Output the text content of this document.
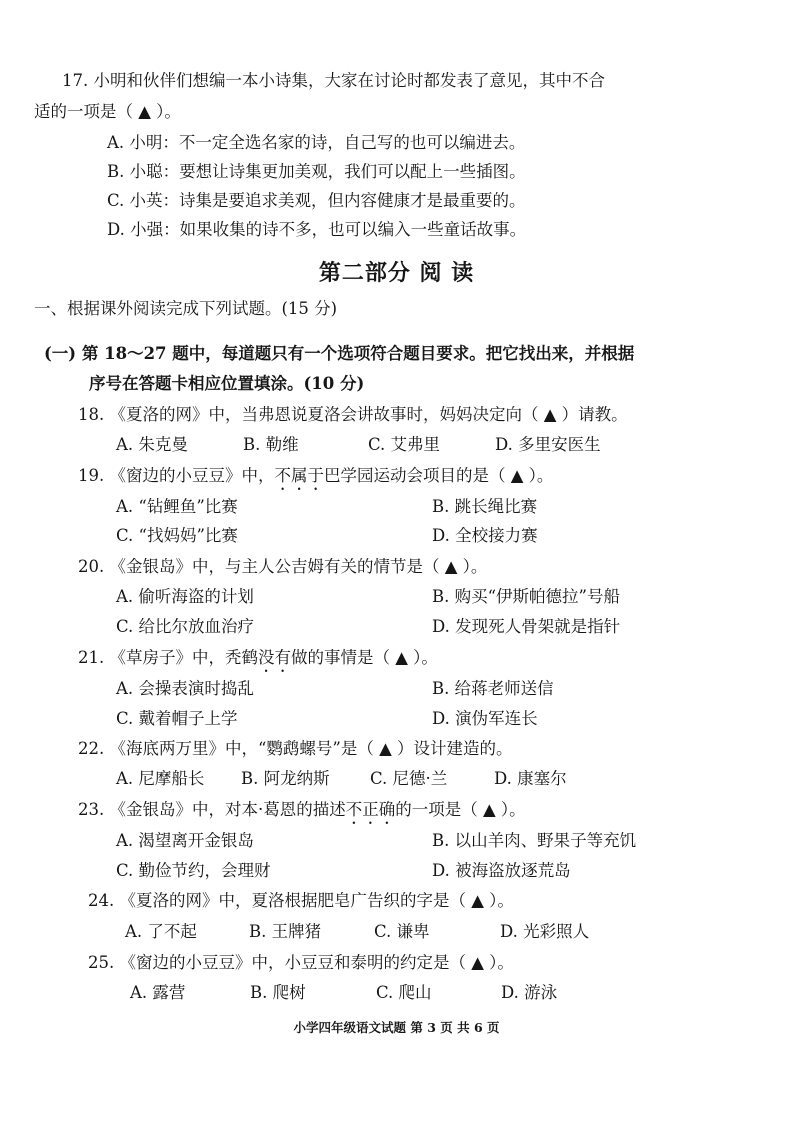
17. 小明和伙伴们想编一本小诗集，大家在讨论时都发表了意见，其中不合
适的一项是（ ▲ ）。
A. 小明：不一定全选名家的诗，自己写的也可以编进去。
B. 小聪：要想让诗集更加美观，我们可以配上一些插图。
C. 小英：诗集是要追求美观，但内容健康才是最重要的。
D. 小强：如果收集的诗不多，也可以编入一些童话故事。
第二部分 阅 读
一、根据课外阅读完成下列试题。(15 分)
(一) 第 18～27 题中，每道题只有一个选项符合题目要求。把它找出来，并根据
序号在答题卡相应位置填涂。(10 分)
18. 《夏洛的网》中，当弗恩说夏洛会讲故事时，妈妈决定向（ ▲ ）请教。
A. 朱克曼	B. 勒维	C. 艾弗里	D. 多里安医生
19. 《窗边的小豆豆》中，不属于巴学园运动会项目的是（ ▲ ）。
A. “钻鲤鱼”比赛	B. 跳长绳比赛
C. “找妈妈”比赛	D. 全校接力赛
20. 《金银岛》中，与主人公吉姆有关的情节是（ ▲ ）。
A. 偷听海盗的计划	B. 购买“伊斯帕德拉”号船
C. 给比尔放血治疗	D. 发现死人骨架就是指针
21. 《草房子》中，秃鹤没有做的事情是（ ▲ ）。
A. 会操表演时捣乱	B. 给蒋老师送信
C. 戴着帽子上学	D. 演伪军连长
22. 《海底两万里》中，“鹦鹉螺号”是（ ▲ ）设计建造的。
A. 尼摩船长 B. 阿龙纳斯 C. 尼德·兰	D. 康塞尔
23. 《金银岛》中，对本·葛恩的描述不正确的一项是（ ▲ ）。
A. 渴望离开金银岛	B. 以山羊肉、野果子等充饥
C. 勤俭节约，会理财	D. 被海盗放逐荒岛
24. 《夏洛的网》中，夏洛根据肥皂广告织的字是（ ▲ ）。
A. 了不起	B. 王牌猪	C. 谦卑	D. 光彩照人
25. 《窗边的小豆豆》中，小豆豆和泰明的约定是（ ▲ ）。
A. 露营	B. 爬树	C. 爬山	D. 游泳
小学四年级语文试题 第 3 页 共 6 页
